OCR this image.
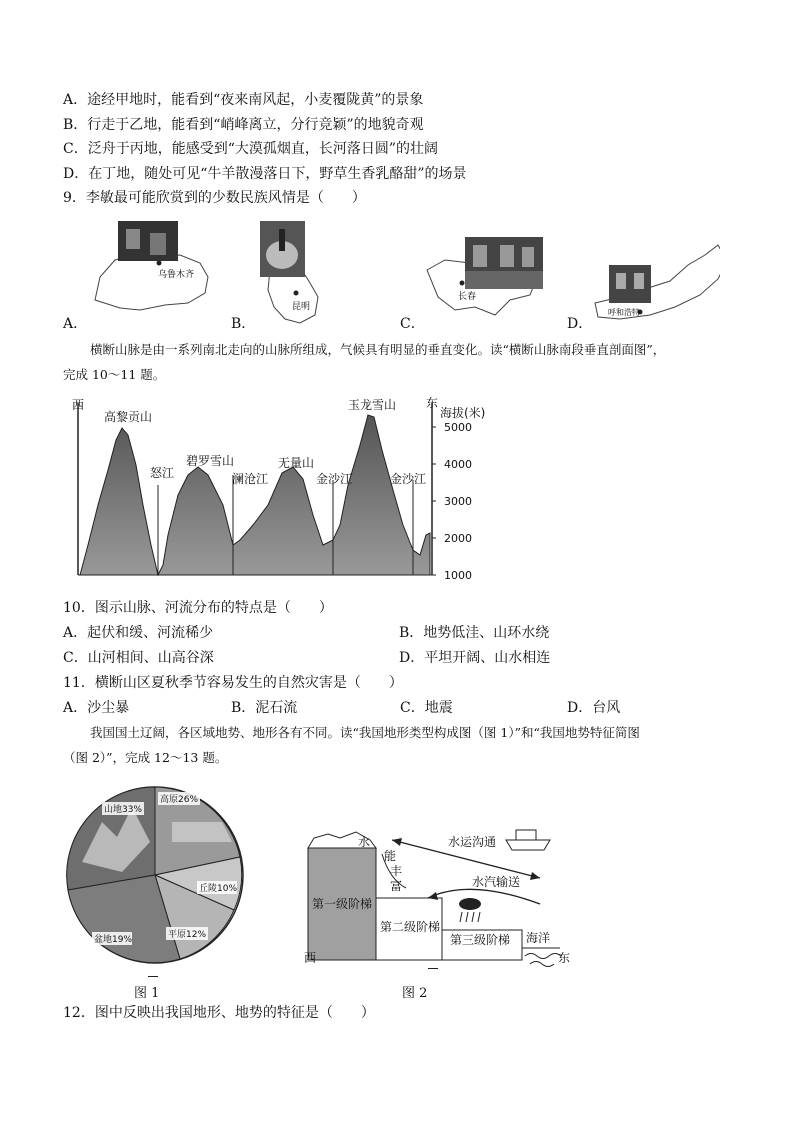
A．途经甲地时，能看到“夜来南风起，小麦覆陇黄”的景象
B．行走于乙地，能看到“峭峰离立，分行竞颖”的地貌奇观
C．泛舟于丙地，能感受到“大漠孤烟直，长河落日圆”的壮阔
D．在丁地，随处可见“牛羊散漫落日下，野草生香乳酪甜”的场景
9．李敏最可能欣赏到的少数民族风情是（　　）
乌鲁木齐
昆明
长春
呼和浩特
A．	B．	C．	D．
横断山脉是由一系列南北走向的山脉所组成，气候具有明显的垂直变化。读“横断山脉南段垂直剖面图”，
完成 10～11 题。
西	东
海拔(米)
高黎贡山
怒江
碧罗雪山
澜沧江
无量山
金沙江
玉龙雪山
金沙江
5000
4000
3000
2000
1000
10．图示山脉、河流分布的特点是（　　）
A．起伏和缓、河流稀少	B．地势低洼、山环水绕
C．山河相间、山高谷深	D．平坦开阔、山水相连
11．横断山区夏秋季节容易发生的自然灾害是（　　）
A．沙尘暴	B．泥石流	C．地震	D．台风
我国国土辽阔，各区域地势、地形各有不同。读“我国地形类型构成图（图 1）”和“我国地势特征简图
（图 2）”，完成 12～13 题。
山地33%
高原26%
丘陵10%
平原12%
盆地19%
图 1
水
能
丰
富
水运沟通
水汽输送
第一级阶梯
第二级阶梯
第三级阶梯 海洋
西	东
图 2
12．图中反映出我国地形、地势的特征是（　　）
